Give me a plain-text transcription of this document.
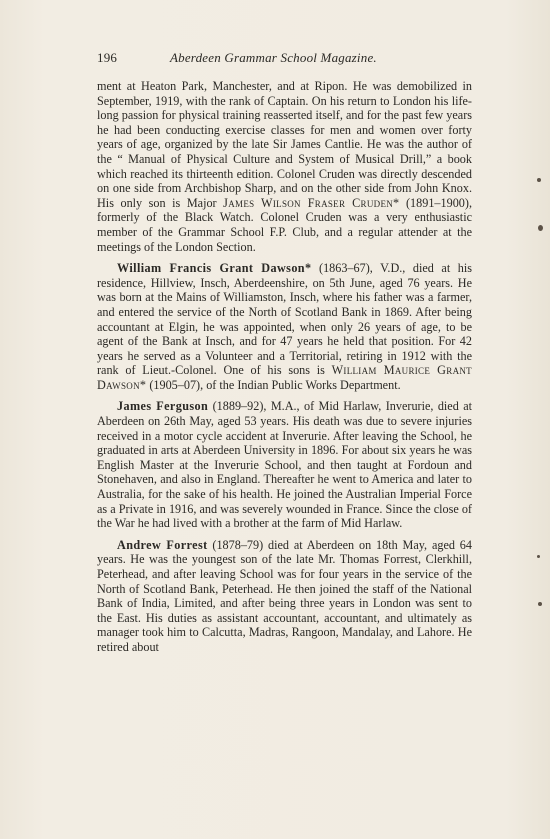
196	Aberdeen Grammar School Magazine.

ment at Heaton Park, Manchester, and at Ripon. He was demobilized in September, 1919, with the rank of Captain. On his return to London his life-long passion for physical training reasserted itself, and for the past few years he had been conducting exercise classes for men and women over forty years of age, organized by the late Sir James Cantlie. He was the author of the “ Manual of Physical Culture and System of Musical Drill,” a book which reached its thirteenth edition. Colonel Cruden was directly descended on one side from Archbishop Sharp, and on the other side from John Knox. His only son is Major James Wilson Fraser Cruden* (1891–1900), formerly of the Black Watch. Colonel Cruden was a very enthusiastic member of the Grammar School F.P. Club, and a regular attender at the meetings of the London Section.

William Francis Grant Dawson* (1863–67), V.D., died at his residence, Hillview, Insch, Aberdeenshire, on 5th June, aged 76 years. He was born at the Mains of Williamston, Insch, where his father was a farmer, and entered the service of the North of Scotland Bank in 1869. After being accountant at Elgin, he was appointed, when only 26 years of age, to be agent of the Bank at Insch, and for 47 years he held that position. For 42 years he served as a Volunteer and a Territorial, retiring in 1912 with the rank of Lieut.-Colonel. One of his sons is William Maurice Grant Dawson* (1905–07), of the Indian Public Works Department.

James Ferguson (1889–92), M.A., of Mid Harlaw, Inverurie, died at Aberdeen on 26th May, aged 53 years. His death was due to severe injuries received in a motor cycle accident at Inverurie. After leaving the School, he graduated in arts at Aberdeen University in 1896. For about six years he was English Master at the Inverurie School, and then taught at Fordoun and Stonehaven, and also in England. Thereafter he went to America and later to Australia, for the sake of his health. He joined the Australian Imperial Force as a Private in 1916, and was severely wounded in France. Since the close of the War he had lived with a brother at the farm of Mid Harlaw.

Andrew Forrest (1878–79) died at Aberdeen on 18th May, aged 64 years. He was the youngest son of the late Mr. Thomas Forrest, Clerkhill, Peterhead, and after leaving School was for four years in the service of the North of Scotland Bank, Peterhead. He then joined the staff of the National Bank of India, Limited, and after being three years in London was sent to the East. His duties as assistant accountant, accountant, and ultimately as manager took him to Calcutta, Madras, Rangoon, Mandalay, and Lahore. He retired about
